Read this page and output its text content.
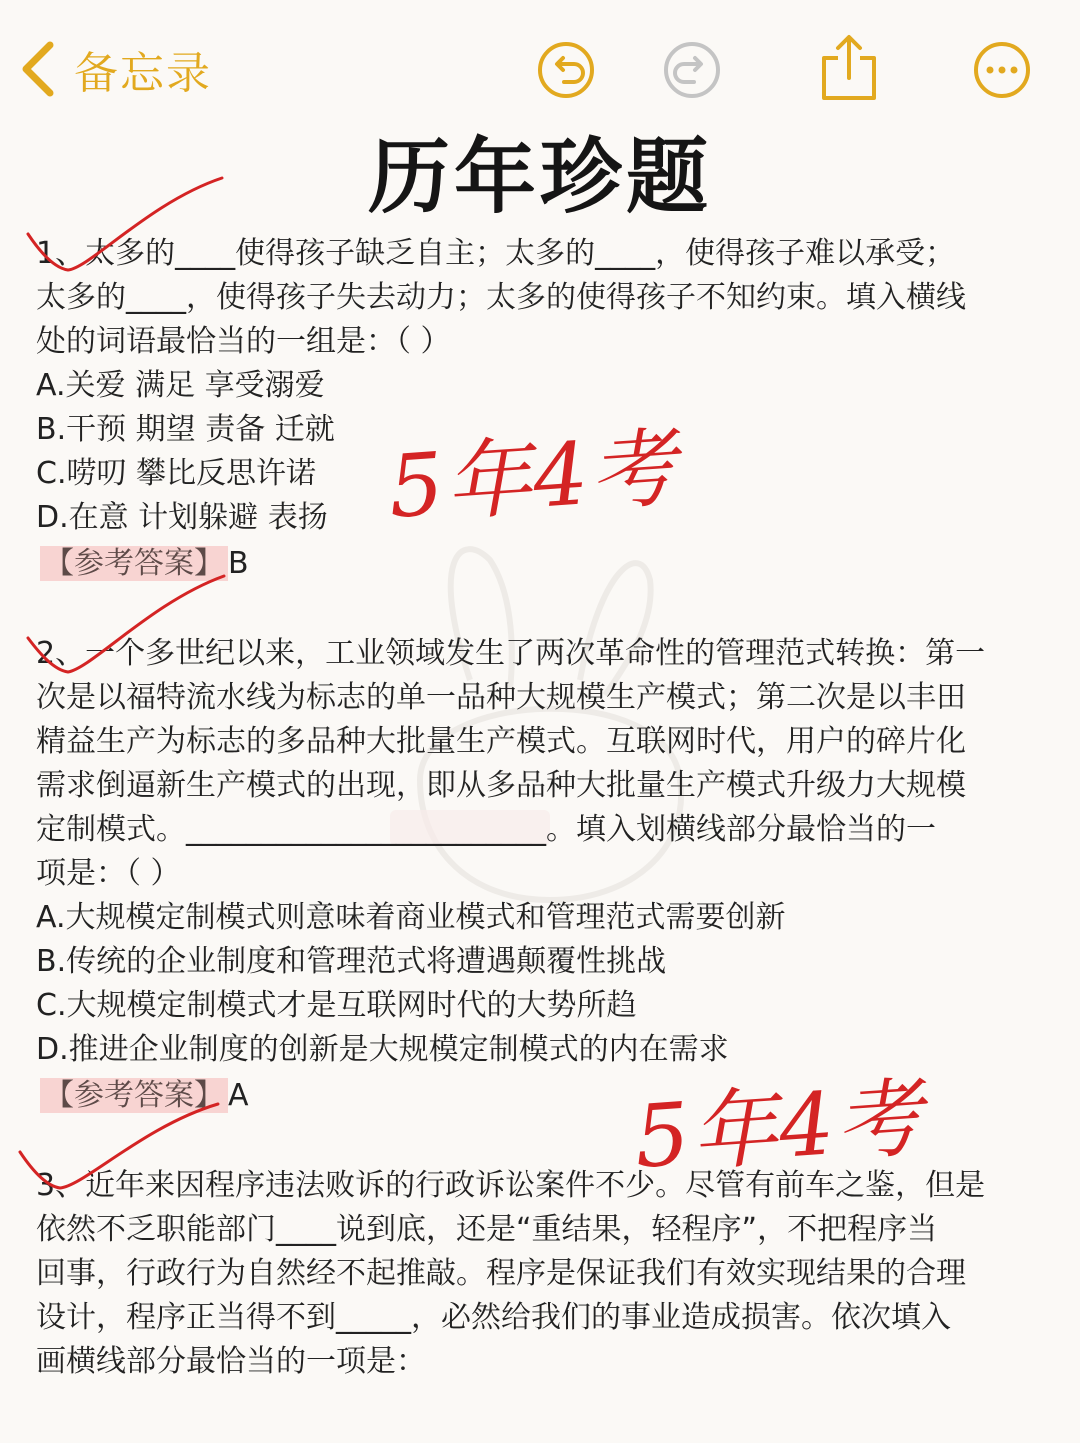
备忘录
历年珍题
1、太多的____使得孩子缺乏自主；太多的____，使得孩子难以承受；
太多的____，使得孩子失去动力；太多的使得孩子不知约束。填入横线
处的词语最恰当的一组是：（ ）
A.关爱 满足 享受溺爱
B.干预 期望 责备 迁就
C.唠叨 攀比反思许诺
D.在意 计划躲避 表扬
【参考答案】 B
2、一个多世纪以来，工业领域发生了两次革命性的管理范式转换：第一
次是以福特流水线为标志的单一品种大规模生产模式；第二次是以丰田
精益生产为标志的多品种大批量生产模式。互联网时代，用户的碎片化
需求倒逼新生产模式的出现，即从多品种大批量生产模式升级力大规模
定制模式。________________________。填入划横线部分最恰当的一
项是：（ ）
A.大规模定制模式则意味着商业模式和管理范式需要创新
B.传统的企业制度和管理范式将遭遇颠覆性挑战
C.大规模定制模式才是互联网时代的大势所趋
D.推进企业制度的创新是大规模定制模式的内在需求
【参考答案】 A
3、近年来因程序违法败诉的行政诉讼案件不少。尽管有前车之鉴，但是
依然不乏职能部门____说到底，还是“重结果，轻程序”，不把程序当
回事，行政行为自然经不起推敲。程序是保证我们有效实现结果的合理
设计，程序正当得不到_____，必然给我们的事业造成损害。依次填入
画横线部分最恰当的一项是：
5年4考
5年4考
